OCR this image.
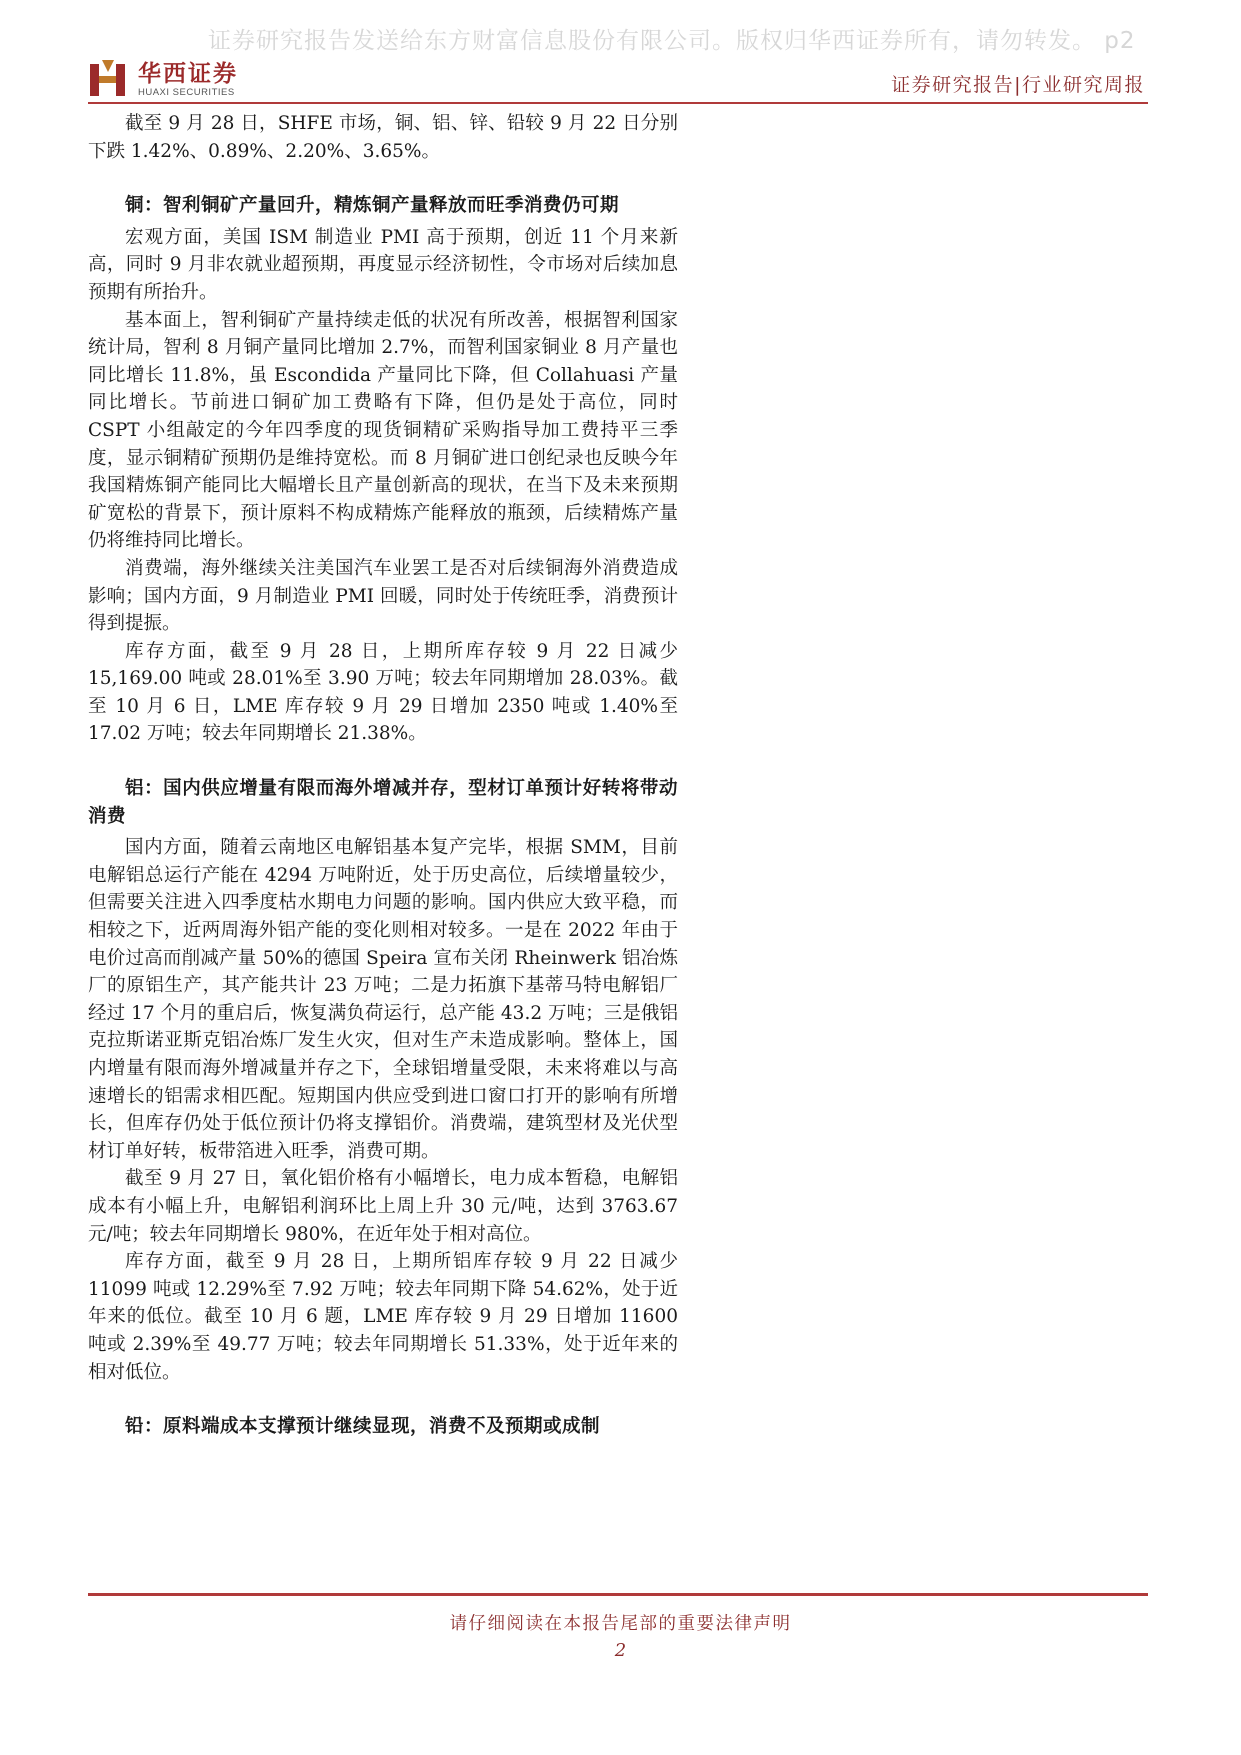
证券研究报告发送给东方财富信息股份有限公司。版权归华西证券所有，请勿转发。 p2
华西证券
HUAXI SECURITIES	证券研究报告|行业研究周报

截至 9 月 28 日，SHFE 市场，铜、铝、锌、铅较 9 月 22 日分别下跌 1.42%、0.89%、2.20%、3.65%。

铜：智利铜矿产量回升，精炼铜产量释放而旺季消费仍可期

宏观方面，美国 ISM 制造业 PMI 高于预期，创近 11 个月来新高，同时 9 月非农就业超预期，再度显示经济韧性，令市场对后续加息预期有所抬升。

基本面上，智利铜矿产量持续走低的状况有所改善，根据智利国家统计局，智利 8 月铜产量同比增加 2.7%，而智利国家铜业 8 月产量也同比增长 11.8%，虽 Escondida 产量同比下降，但 Collahuasi 产量同比增长。节前进口铜矿加工费略有下降，但仍是处于高位，同时 CSPT 小组敲定的今年四季度的现货铜精矿采购指导加工费持平三季度，显示铜精矿预期仍是维持宽松。而 8 月铜矿进口创纪录也反映今年我国精炼铜产能同比大幅增长且产量创新高的现状，在当下及未来预期矿宽松的背景下，预计原料不构成精炼产能释放的瓶颈，后续精炼产量仍将维持同比增长。

消费端，海外继续关注美国汽车业罢工是否对后续铜海外消费造成影响；国内方面，9 月制造业 PMI 回暖，同时处于传统旺季，消费预计得到提振。

库存方面，截至 9 月 28 日，上期所库存较 9 月 22 日减少 15,169.00 吨或 28.01%至 3.90 万吨；较去年同期增加 28.03%。截至 10 月 6 日，LME 库存较 9 月 29 日增加 2350 吨或 1.40%至 17.02 万吨；较去年同期增长 21.38%。

铝：国内供应增量有限而海外增减并存，型材订单预计好转将带动消费

国内方面，随着云南地区电解铝基本复产完毕，根据 SMM，目前电解铝总运行产能在 4294 万吨附近，处于历史高位，后续增量较少，但需要关注进入四季度枯水期电力问题的影响。国内供应大致平稳，而相较之下，近两周海外铝产能的变化则相对较多。一是在 2022 年由于电价过高而削减产量 50%的德国 Speira 宣布关闭 Rheinwerk 铝冶炼厂的原铝生产，其产能共计 23 万吨；二是力拓旗下基蒂马特电解铝厂经过 17 个月的重启后，恢复满负荷运行，总产能 43.2 万吨；三是俄铝克拉斯诺亚斯克铝冶炼厂发生火灾，但对生产未造成影响。整体上，国内增量有限而海外增减量并存之下，全球铝增量受限，未来将难以与高速增长的铝需求相匹配。短期国内供应受到进口窗口打开的影响有所增长，但库存仍处于低位预计仍将支撑铝价。消费端，建筑型材及光伏型材订单好转，板带箔进入旺季，消费可期。

截至 9 月 27 日，氧化铝价格有小幅增长，电力成本暂稳，电解铝成本有小幅上升，电解铝利润环比上周上升 30 元/吨，达到 3763.67 元/吨；较去年同期增长 980%，在近年处于相对高位。

库存方面，截至 9 月 28 日，上期所铝库存较 9 月 22 日减少 11099 吨或 12.29%至 7.92 万吨；较去年同期下降 54.62%，处于近年来的低位。截至 10 月 6 题，LME 库存较 9 月 29 日增加 11600 吨或 2.39%至 49.77 万吨；较去年同期增长 51.33%，处于近年来的相对低位。

铅：原料端成本支撑预计继续显现，消费不及预期或成制

请仔细阅读在本报告尾部的重要法律声明
2
